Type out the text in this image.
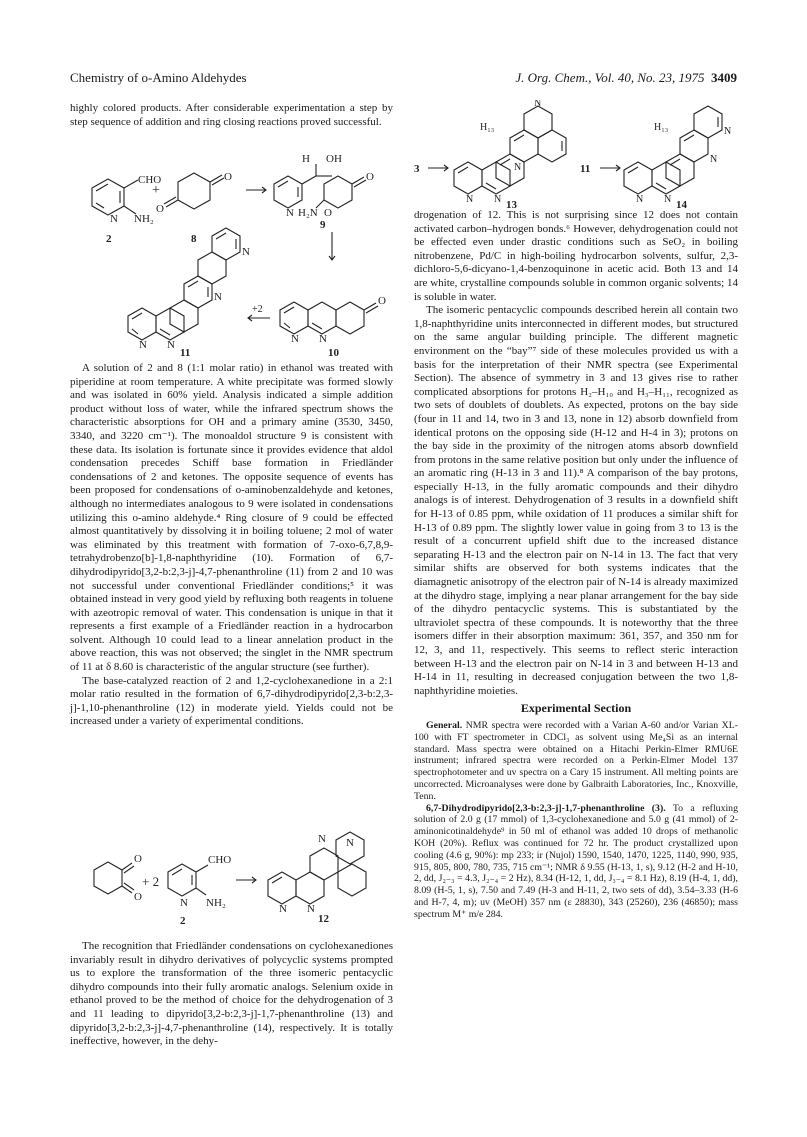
Chemistry of o-Amino Aldehydes	J. Org. Chem., Vol. 40, No. 23, 1975 3409

highly colored products. After considerable experimentation a step by step sequence of addition and ring closing reactions proved successful.

CHO
N NH₂
2
+
O
O
8
H OH
N H₂N O
O
9
O
N N
10
+2
N N
N
N
11

A solution of 2 and 8 (1:1 molar ratio) in ethanol was treated with piperidine at room temperature. A white precipitate was formed slowly and was isolated in 60% yield. Analysis indicated a simple addition product without loss of water, while the infrared spectrum shows the characteristic absorptions for OH and a primary amine (3530, 3450, 3340, and 3220 cm⁻¹). The monoaldol structure 9 is consistent with these data. Its isolation is fortunate since it provides evidence that aldol condensation precedes Schiff base formation in Friedländer condensations of 2 and ketones. The opposite sequence of events has been proposed for condensations of o-aminobenzaldehyde and ketones, although no intermediates analogous to 9 were isolated in condensations utilizing this o-amino aldehyde.⁴ Ring closure of 9 could be effected almost quantitatively by dissolving it in boiling toluene; 2 mol of water was eliminated by this treatment with formation of 7-oxo-6,7,8,9-tetrahydrobenzo[b]-1,8-naphthyridine (10). Formation of 6,7-dihydrodipyrido[3,2-b:2,3-j]-4,7-phenanthroline (11) from 2 and 10 was not successful under conventional Friedländer conditions;⁵ it was obtained instead in very good yield by refluxing both reagents in toluene with azeotropic removal of water. This condensation is unique in that it represents a first example of a Friedländer reaction in a hydrocarbon solvent. Although 10 could lead to a linear annelation product in the above reaction, this was not observed; the singlet in the NMR spectrum of 11 at δ 8.60 is characteristic of the angular structure (see further).

The base-catalyzed reaction of 2 and 1,2-cyclohexanedione in a 2:1 molar ratio resulted in the formation of 6,7-dihydrodipyrido[2,3-b:2,3-j]-1,10-phenanthroline (12) in moderate yield. Yields could not be increased under a variety of experimental conditions.

O
O
+ 2
CHO
N NH₂
2
N N
N
N
12

The recognition that Friedländer condensations on cyclohexanediones invariably result in dihydro derivatives of polycyclic systems prompted us to explore the transformation of the three isomeric pentacyclic dihydro compounds into their fully aromatic analogs. Selenium oxide in ethanol proved to be the method of choice for the dehydrogenation of 3 and 11 leading to dipyrido[3,2-b:2,3-j]-1,7-phenanthroline (13) and dipyrido[3,2-b:2,3-j]-4,7-phenanthroline (14), respectively. It is totally ineffective, however, in the dehy-

3
H₁₃
N
N
N N 13
11
H₁₃	N
N
N N 14

drogenation of 12. This is not surprising since 12 does not contain activated carbon–hydrogen bonds.⁶ However, dehydrogenation could not be effected even under drastic conditions such as SeO₂ in boiling nitrobenzene, Pd/C in high-boiling hydrocarbon solvents, sulfur, 2,3-dichloro-5,6-dicyano-1,4-benzoquinone in acetic acid. Both 13 and 14 are white, crystalline compounds soluble in common organic solvents; 14 is soluble in water.

The isomeric pentacyclic compounds described herein all contain two 1,8-naphthyridine units interconnected in different modes, but structured on the same angular building principle. The different magnetic environment on the “bay”⁷ side of these molecules provided us with a basis for the interpretation of their NMR spectra (see Experimental Section). The absence of symmetry in 3 and 13 gives rise to rather complicated absorptions for protons H₂–H₁₀ and H₃–H₁₁, recognized as two sets of doublets of doublets. As expected, protons on the bay side (four in 11 and 14, two in 3 and 13, none in 12) absorb downfield from identical protons on the opposing side (H-12 and H-4 in 3); protons on the bay side in the proximity of the nitrogen atoms absorb downfield from protons in the same relative position but only under the influence of an aromatic ring (H-13 in 3 and 11).⁸ A comparison of the bay protons, especially H-13, in the fully aromatic compounds and their dihydro analogs is of interest. Dehydrogenation of 3 results in a downfield shift for H-13 of 0.85 ppm, while oxidation of 11 produces a similar shift for H-13 of 0.89 ppm. The slightly lower value in going from 3 to 13 is the result of a concurrent upfield shift due to the increased distance separating H-13 and the electron pair on N-14 in 13. The fact that very similar shifts are observed for both systems indicates that the diamagnetic anisotropy of the electron pair of N-14 is already maximized at the dihydro stage, implying a near planar arrangement for the bay side of the dihydro pentacyclic systems. This is substantiated by the ultraviolet spectra of these compounds. It is noteworthy that the three isomers differ in their absorption maximum: 361, 357, and 350 nm for 12, 3, and 11, respectively. This seems to reflect steric interaction between H-13 and the electron pair on N-14 in 3 and between H-13 and H-14 in 11, resulting in decreased conjugation between the two 1,8-naphthyridine moieties.

Experimental Section

General. NMR spectra were recorded with a Varian A-60 and/or Varian XL-100 with FT spectrometer in CDCl₃ as solvent using Me₄Si as an internal standard. Mass spectra were obtained on a Hitachi Perkin-Elmer RMU6E instrument; infrared spectra were recorded on a Perkin-Elmer Model 137 spectrophotometer and uv spectra on a Cary 15 instrument. All melting points are uncorrected. Microanalyses were done by Galbraith Laboratories, Inc., Knoxville, Tenn.

6,7-Dihydrodipyrido[2,3-b:2,3-j]-1,7-phenanthroline (3). To a refluxing solution of 2.0 g (17 mmol) of 1,3-cyclohexanedione and 5.0 g (41 mmol) of 2-aminonicotinaldehyde⁹ in 50 ml of ethanol was added 10 drops of methanolic KOH (20%). Reflux was continued for 72 hr. The product crystallized upon cooling (4.6 g, 90%): mp 233; ir (Nujol) 1590, 1540, 1470, 1225, 1140, 990, 935, 915, 805, 800, 780, 735, 715 cm⁻¹; NMR δ 9.55 (H-13, 1, s), 9.12 (H-2 and H-10, 2, dd, J₂₋₃ = 4.3, J₂₋₄ = 2 Hz), 8.34 (H-12, 1, dd, J₃₋₄ = 8.1 Hz), 8.19 (H-4, 1, dd), 8.09 (H-5, 1, s), 7.50 and 7.49 (H-3 and H-11, 2, two sets of dd), 3.54–3.33 (H-6 and H-7, 4, m); uv (MeOH) 357 nm (ε 28830), 343 (25260), 236 (46850); mass spectrum M⁺ m/e 284.
